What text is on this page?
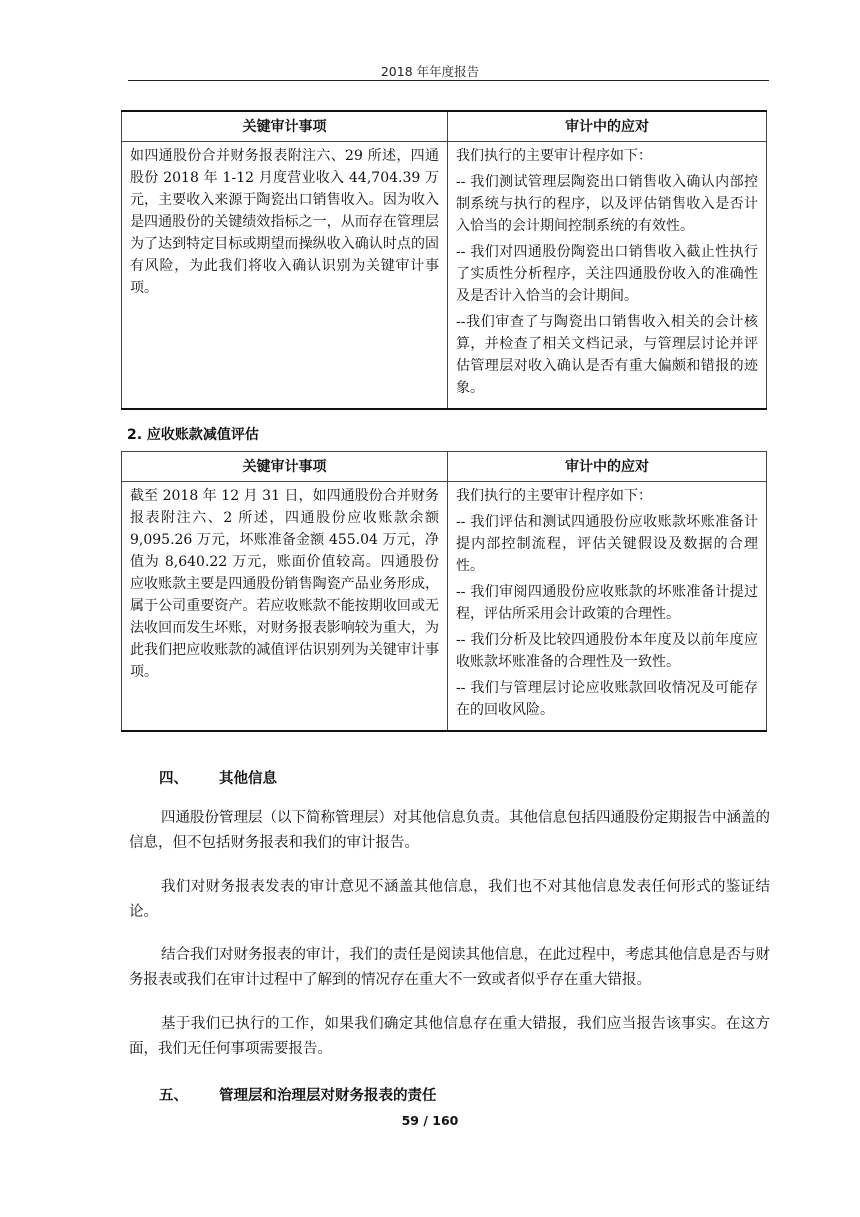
2018 年年度报告
关键审计事项	审计中的应对
如四通股份合并财务报表附注六、29 所述，四通股份 2018 年 1-12 月度营业收入 44,704.39 万元，主要收入来源于陶瓷出口销售收入。因为收入是四通股份的关键绩效指标之一，从而存在管理层为了达到特定目标或期望而操纵收入确认时点的固有风险，为此我们将收入确认识别为关键审计事项。	我们执行的主要审计程序如下：

-- 我们测试管理层陶瓷出口销售收入确认内部控制系统与执行的程序，以及评估销售收入是否计入恰当的会计期间控制系统的有效性。

-- 我们对四通股份陶瓷出口销售收入截止性执行了实质性分析程序，关注四通股份收入的准确性及是否计入恰当的会计期间。

--我们审查了与陶瓷出口销售收入相关的会计核算，并检查了相关文档记录，与管理层讨论并评估管理层对收入确认是否有重大偏颇和错报的迹象。

2. 应收账款减值评估
关键审计事项	审计中的应对
截至 2018 年 12 月 31 日，如四通股份合并财务报表附注六、2 所述，四通股份应收账款余额 9,095.26 万元，坏账准备金额 455.04 万元，净值为 8,640.22 万元，账面价值较高。四通股份应收账款主要是四通股份销售陶瓷产品业务形成，属于公司重要资产。若应收账款不能按期收回或无法收回而发生坏账，对财务报表影响较为重大，为此我们把应收账款的减值评估识别列为关键审计事项。	我们执行的主要审计程序如下：

-- 我们评估和测试四通股份应收账款坏账准备计提内部控制流程，评估关键假设及数据的合理性。

-- 我们审阅四通股份应收账款的坏账准备计提过程，评估所采用会计政策的合理性。

-- 我们分析及比较四通股份本年度及以前年度应收账款坏账准备的合理性及一致性。

-- 我们与管理层讨论应收账款回收情况及可能存在的回收风险。

四、 其他信息

四通股份管理层（以下简称管理层）对其他信息负责。其他信息包括四通股份定期报告中涵盖的信息，但不包括财务报表和我们的审计报告。

我们对财务报表发表的审计意见不涵盖其他信息，我们也不对其他信息发表任何形式的鉴证结论。

结合我们对财务报表的审计，我们的责任是阅读其他信息，在此过程中，考虑其他信息是否与财务报表或我们在审计过程中了解到的情况存在重大不一致或者似乎存在重大错报。

基于我们已执行的工作，如果我们确定其他信息存在重大错报，我们应当报告该事实。在这方面，我们无任何事项需要报告。

五、 管理层和治理层对财务报表的责任
59 / 160
